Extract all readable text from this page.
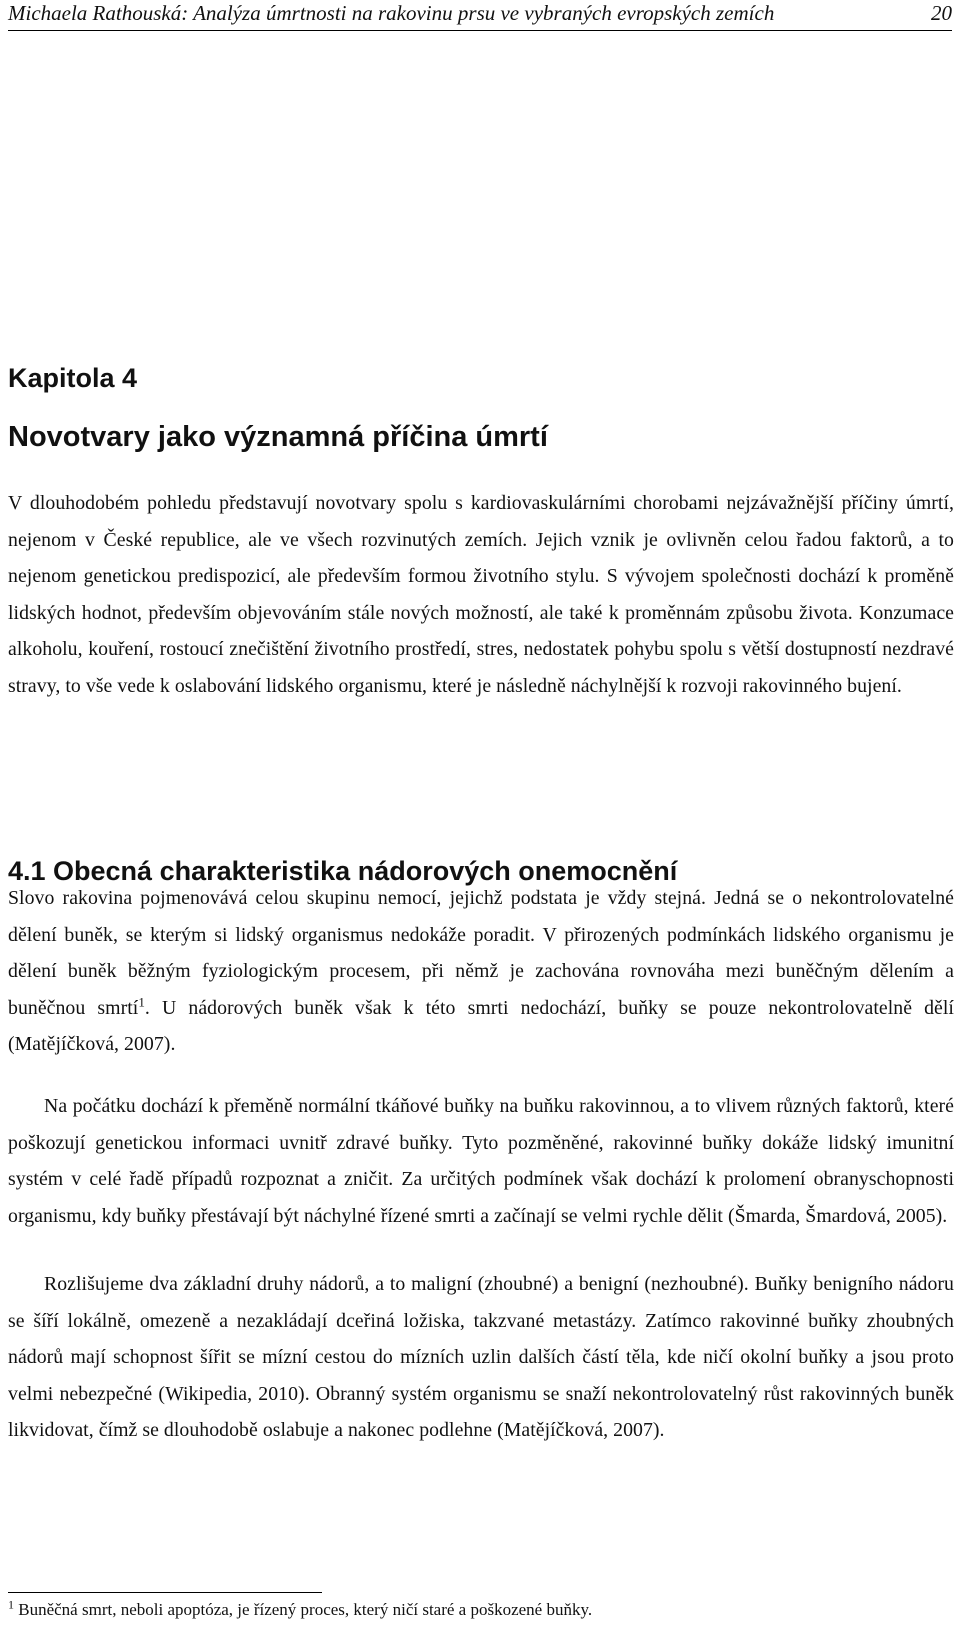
Michaela Rathouská: Analýza úmrtnosti na rakovinu prsu ve vybraných evropských zemích	20
Kapitola 4
Novotvary jako významná příčina úmrtí

V dlouhodobém pohledu představují novotvary spolu s kardiovaskulárními chorobami nejzávažnější příčiny úmrtí, nejenom v České republice, ale ve všech rozvinutých zemích. Jejich vznik je ovlivněn celou řadou faktorů, a to nejenom genetickou predispozicí, ale především formou životního stylu. S vývojem společnosti dochází k proměně lidských hodnot, především objevováním stále nových možností, ale také k proměnnám způsobu života. Konzumace alkoholu, kouření, rostoucí znečištění životního prostředí, stres, nedostatek pohybu spolu s větší dostupností nezdravé stravy, to vše vede k oslabování lidského organismu, které je následně náchylnější k rozvoji rakovinného bujení.

4.1 Obecná charakteristika nádorových onemocnění

Slovo rakovina pojmenovává celou skupinu nemocí, jejichž podstata je vždy stejná. Jedná se o nekontrolovatelné dělení buněk, se kterým si lidský organismus nedokáže poradit. V přirozených podmínkách lidského organismu je dělení buněk běžným fyziologickým procesem, při němž je zachována rovnováha mezi buněčným dělením a buněčnou smrtí$^1$. U nádorových buněk však k této smrti nedochází, buňky se pouze nekontrolovatelně dělí (Matějíčková, 2007).

Na počátku dochází k přeměně normální tkáňové buňky na buňku rakovinnou, a to vlivem různých faktorů, které poškozují genetickou informaci uvnitř zdravé buňky. Tyto pozměněné, rakovinné buňky dokáže lidský imunitní systém v celé řadě případů rozpoznat a zničit. Za určitých podmínek však dochází k prolomení obranyschopnosti organismu, kdy buňky přestávají být náchylné řízené smrti a začínají se velmi rychle dělit (Šmarda, Šmardová, 2005).

Rozlišujeme dva základní druhy nádorů, a to maligní (zhoubné) a benigní (nezhoubné). Buňky benigního nádoru se šíří lokálně, omezeně a nezakládají dceřiná ložiska, takzvané metastázy. Zatímco rakovinné buňky zhoubných nádorů mají schopnost šířit se mízní cestou do mízních uzlin dalších částí těla, kde ničí okolní buňky a jsou proto velmi nebezpečné (Wikipedia, 2010). Obranný systém organismu se snaží nekontrolovatelný růst rakovinných buněk likvidovat, čímž se dlouhodobě oslabuje a nakonec podlehne (Matějíčková, 2007).

$^1$ Buněčná smrt, neboli apoptóza, je řízený proces, který ničí staré a poškozené buňky.
